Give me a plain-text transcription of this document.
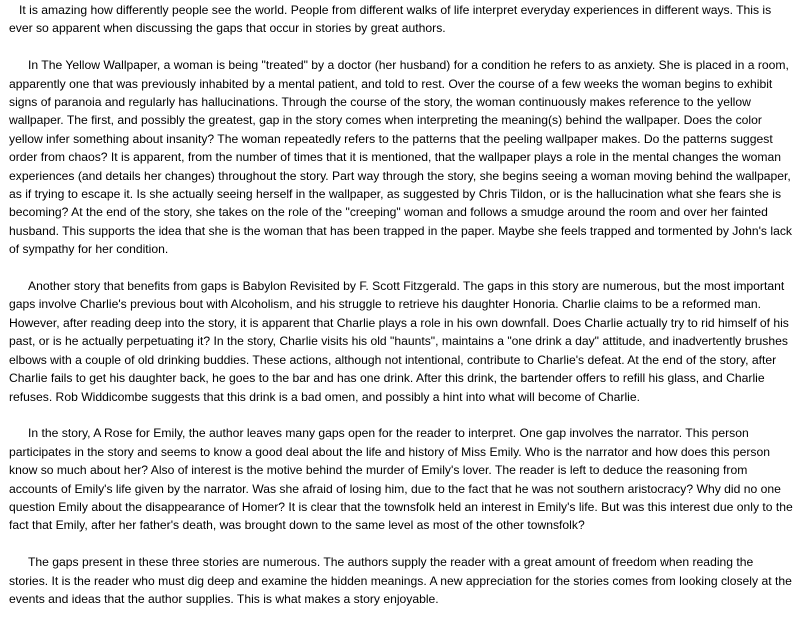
It is amazing how differently people see the world. People from different walks of life interpret everyday experiences in different ways. This is ever so apparent when discussing the gaps that occur in stories by great authors.

In The Yellow Wallpaper, a woman is being "treated" by a doctor (her husband) for a condition he refers to as anxiety. She is placed in a room, apparently one that was previously inhabited by a mental patient, and told to rest. Over the course of a few weeks the woman begins to exhibit signs of paranoia and regularly has hallucinations. Through the course of the story, the woman continuously makes reference to the yellow wallpaper. The first, and possibly the greatest, gap in the story comes when interpreting the meaning(s) behind the wallpaper. Does the color yellow infer something about insanity? The woman repeatedly refers to the patterns that the peeling wallpaper makes. Do the patterns suggest order from chaos? It is apparent, from the number of times that it is mentioned, that the wallpaper plays a role in the mental changes the woman experiences (and details her changes) throughout the story. Part way through the story, she begins seeing a woman moving behind the wallpaper, as if trying to escape it. Is she actually seeing herself in the wallpaper, as suggested by Chris Tildon, or is the hallucination what she fears she is becoming? At the end of the story, she takes on the role of the "creeping" woman and follows a smudge around the room and over her fainted husband. This supports the idea that she is the woman that has been trapped in the paper. Maybe she feels trapped and tormented by John's lack of sympathy for her condition.

Another story that benefits from gaps is Babylon Revisited by F. Scott Fitzgerald. The gaps in this story are numerous, but the most important gaps involve Charlie's previous bout with Alcoholism, and his struggle to retrieve his daughter Honoria. Charlie claims to be a reformed man. However, after reading deep into the story, it is apparent that Charlie plays a role in his own downfall. Does Charlie actually try to rid himself of his past, or is he actually perpetuating it? In the story, Charlie visits his old "haunts", maintains a "one drink a day" attitude, and inadvertently brushes elbows with a couple of old drinking buddies. These actions, although not intentional, contribute to Charlie's defeat. At the end of the story, after Charlie fails to get his daughter back, he goes to the bar and has one drink. After this drink, the bartender offers to refill his glass, and Charlie refuses. Rob Widdicombe suggests that this drink is a bad omen, and possibly a hint into what will become of Charlie.

In the story, A Rose for Emily, the author leaves many gaps open for the reader to interpret. One gap involves the narrator. This person participates in the story and seems to know a good deal about the life and history of Miss Emily. Who is the narrator and how does this person know so much about her? Also of interest is the motive behind the murder of Emily's lover. The reader is left to deduce the reasoning from accounts of Emily's life given by the narrator. Was she afraid of losing him, due to the fact that he was not southern aristocracy? Why did no one question Emily about the disappearance of Homer? It is clear that the townsfolk held an interest in Emily's life. But was this interest due only to the fact that Emily, after her father's death, was brought down to the same level as most of the other townsfolk?

The gaps present in these three stories are numerous. The authors supply the reader with a great amount of freedom when reading the stories. It is the reader who must dig deep and examine the hidden meanings. A new appreciation for the stories comes from looking closely at the events and ideas that the author supplies. This is what makes a story enjoyable.
